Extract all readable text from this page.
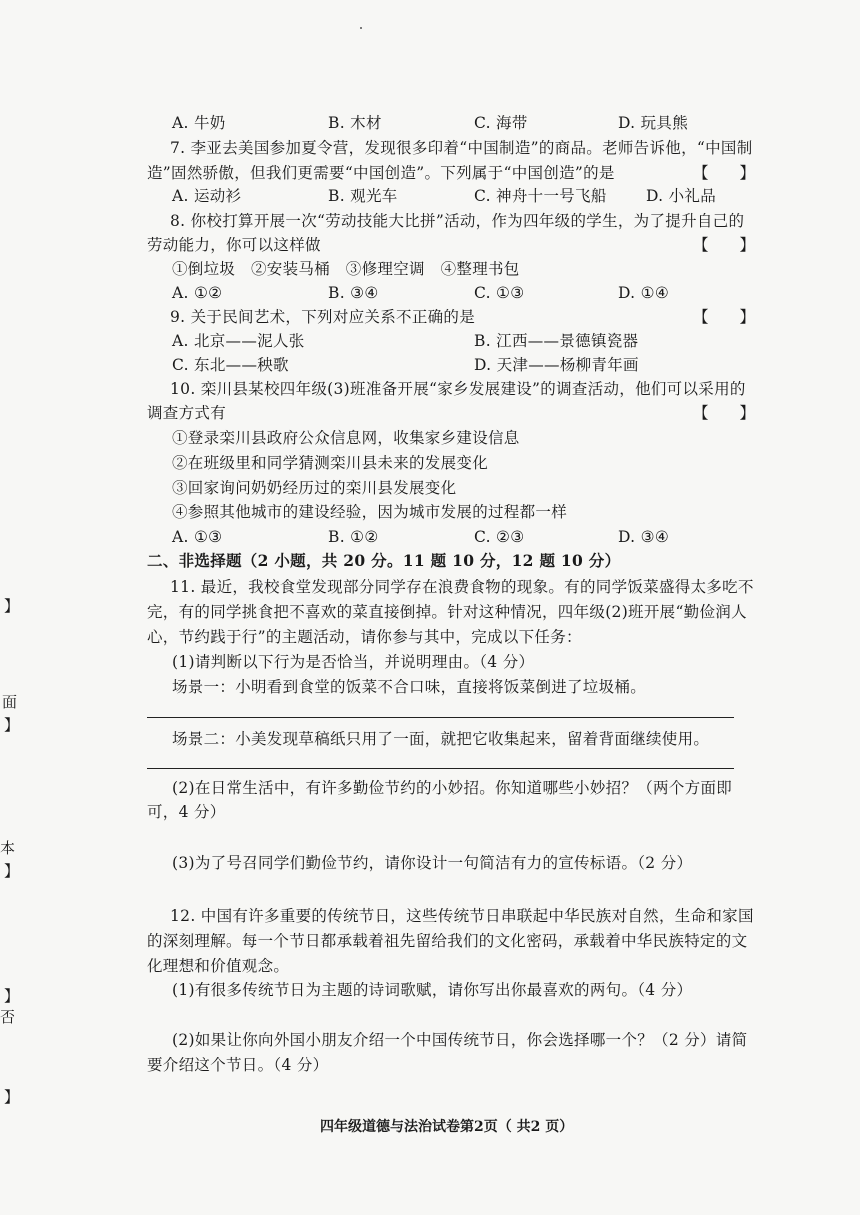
A. 牛奶	B. 木材	C. 海带	D. 玩具熊
7. 李亚去美国参加夏令营，发现很多印着“中国制造”的商品。老师告诉他，“中国制
造”固然骄傲，但我们更需要“中国创造”。下列属于“中国创造”的是	【　　】
A. 运动衫	B. 观光车	C. 神舟十一号飞船	D. 小礼品
8. 你校打算开展一次“劳动技能大比拼”活动，作为四年级的学生，为了提升自己的
劳动能力，你可以这样做	【　　】
①倒垃圾　②安装马桶　③修理空调　④整理书包
A. ①②	B. ③④	C. ①③	D. ①④
9. 关于民间艺术，下列对应关系不正确的是	【　　】
A. 北京——泥人张	B. 江西——景德镇瓷器
C. 东北——秧歌	D. 天津——杨柳青年画
10. 栾川县某校四年级(3)班准备开展“家乡发展建设”的调查活动，他们可以采用的
调查方式有	【　　】
①登录栾川县政府公众信息网，收集家乡建设信息
②在班级里和同学猜测栾川县未来的发展变化
③回家询问奶奶经历过的栾川县发展变化
④参照其他城市的建设经验，因为城市发展的过程都一样
A. ①③	B. ①②	C. ②③	D. ③④
二、非选择题（2 小题，共 20 分。11 题 10 分，12 题 10 分）
11. 最近，我校食堂发现部分同学存在浪费食物的现象。有的同学饭菜盛得太多吃不
完，有的同学挑食把不喜欢的菜直接倒掉。针对这种情况，四年级(2)班开展“勤俭润人
心，节约践于行”的主题活动，请你参与其中，完成以下任务：
(1)请判断以下行为是否恰当，并说明理由。（4 分）
场景一：小明看到食堂的饭菜不合口味，直接将饭菜倒进了垃圾桶。
场景二：小美发现草稿纸只用了一面，就把它收集起来，留着背面继续使用。
(2)在日常生活中，有许多勤俭节约的小妙招。你知道哪些小妙招？（两个方面即
可，4 分）
(3)为了号召同学们勤俭节约，请你设计一句简洁有力的宣传标语。（2 分）
12. 中国有许多重要的传统节日，这些传统节日串联起中华民族对自然，生命和家国
的深刻理解。每一个节日都承载着祖先留给我们的文化密码，承载着中华民族特定的文
化理想和价值观念。
(1)有很多传统节日为主题的诗词歌赋，请你写出你最喜欢的两句。（4 分）
(2)如果让你向外国小朋友介绍一个中国传统节日，你会选择哪一个？（2 分）请简
要介绍这个节日。（4 分）
】
面
】
本
】
】
否
】
四年级道德与法治试卷第2页（ 共2 页）
